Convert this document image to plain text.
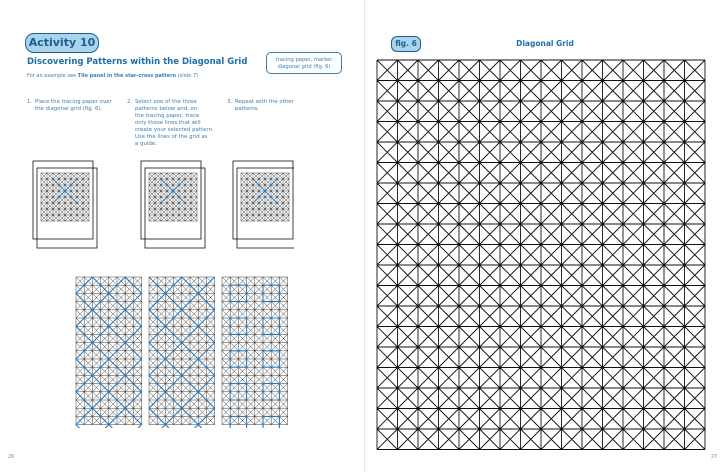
Activity 10
Discovering Patterns within the Diagonal Grid
For an example see Tile panel in the star-cross pattern (slide 7)
tracing paper, marker
diagonal grid (fig. 6)
1. Place the tracing paper over
the diagonal grid (fig. 6).
2. Select one of the three
patterns below and, on
the tracing paper, trace
only those lines that will
create your selected pattern.
Use the lines of the grid as
a guide.
3. Repeat with the other
patterns.
26
fig. 6	Diagonal Grid
27
